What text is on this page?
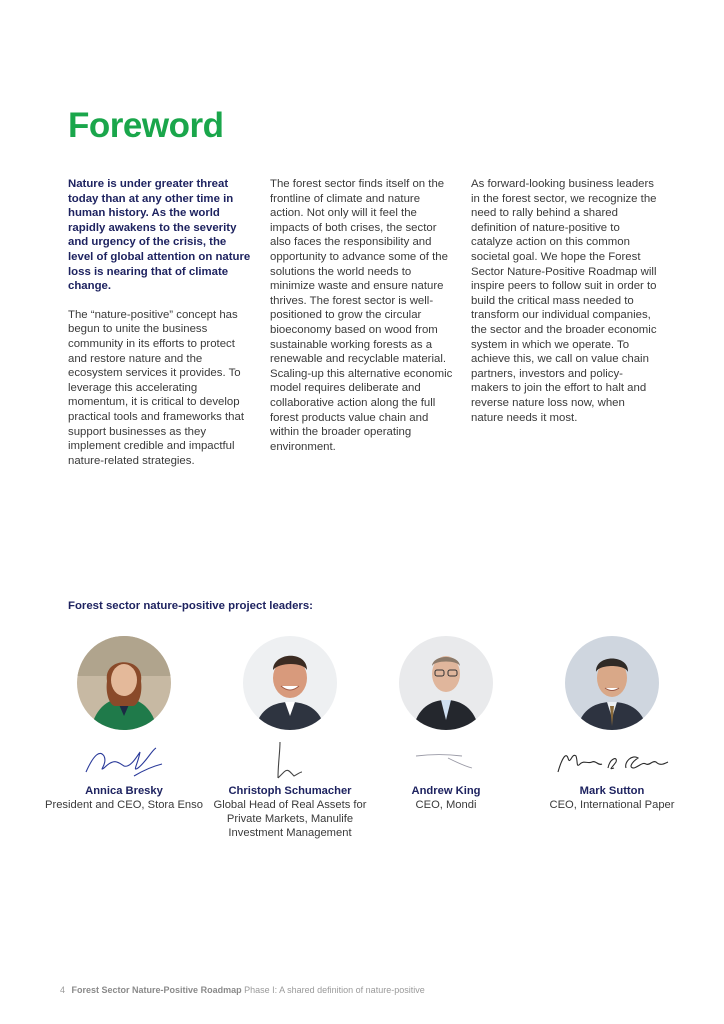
Foreword

Nature is under greater threat today than at any other time in human history. As the world rapidly awakens to the severity and urgency of the crisis, the level of global attention on nature loss is nearing that of climate change.

The “nature-positive” concept has begun to unite the business community in its efforts to protect and restore nature and the ecosystem services it provides. To leverage this accelerating momentum, it is critical to develop practical tools and frameworks that support businesses as they implement credible and impactful nature-related strategies.

The forest sector finds itself on the frontline of climate and nature action. Not only will it feel the impacts of both crises, the sector also faces the responsibility and opportunity to advance some of the solutions the world needs to minimize waste and ensure nature thrives. The forest sector is well-positioned to grow the circular bioeconomy based on wood from sustainable working forests as a renewable and recyclable material. Scaling-up this alternative economic model requires deliberate and collaborative action along the full forest products value chain and within the broader operating environment.

As forward-looking business leaders in the forest sector, we recognize the need to rally behind a shared definition of nature-positive to catalyze action on this common societal goal. We hope the Forest Sector Nature-Positive Roadmap will inspire peers to follow suit in order to build the critical mass needed to transform our individual companies, the sector and the broader economic system in which we operate. To achieve this, we call on value chain partners, investors and policy-makers to join the effort to halt and reverse nature loss now, when nature needs it most.

Forest sector nature-positive project leaders:
Annica Bresky
President and CEO, Stora Enso
Christoph Schumacher
Global Head of Real Assets for Private Markets, Manulife Investment Management
Andrew King
CEO, Mondi
Mark Sutton
CEO, International Paper
4 Forest Sector Nature-Positive Roadmap Phase I: A shared definition of nature-positive
